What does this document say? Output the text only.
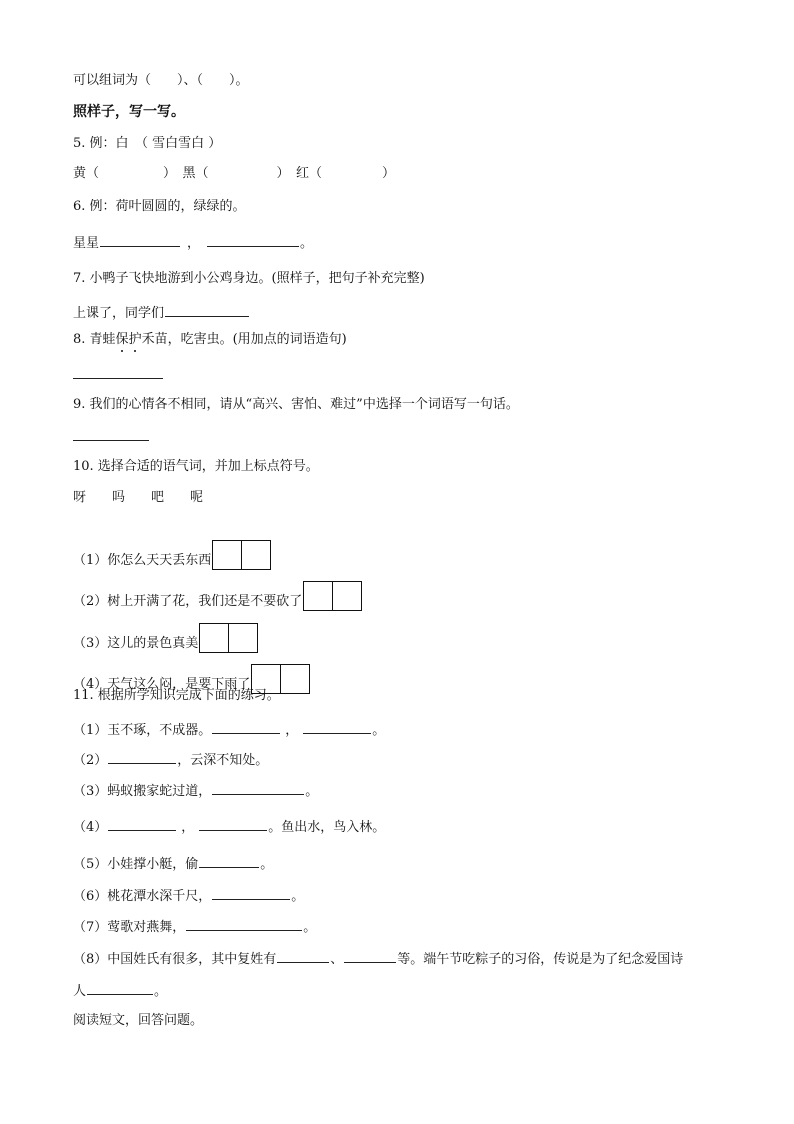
可以组词为（　　）、（　　）。
照样子，写一写。
5. 例：白　（ 雪白雪白 ）
黄（	）　黑（	）　红（	）
6. 例：荷叶圆圆的，绿绿的。
星星	，	。
7. 小鸭子飞快地游到小公鸡身边。(照样子，把句子补充完整)
上课了，同学们
8. 青蛙保护禾苗，吃害虫。(用加点的词语造句)
9. 我们的心情各不相同，请从“高兴、害怕、难过”中选择一个词语写一句话。
10. 选择合适的语气词，并加上标点符号。
呀 吗 吧 呢
（1）你怎么天天丢东西
（2）树上开满了花，我们还是不要砍了
（3）这儿的景色真美
（4）天气这么闷，是要下雨了
11. 根据所学知识完成下面的练习。
（1）玉不琢，不成器。	，	。
（2）	，云深不知处。
（3）蚂蚁搬家蛇过道，	。
（4）	，	。鱼出水，鸟入林。
（5）小娃撑小艇，偷	。
（6）桃花潭水深千尺，	。
（7）莺歌对燕舞，	。
（8）中国姓氏有很多，其中复姓有	、	等。端午节吃粽子的习俗，传说是为了纪念爱国诗
人	。
阅读短文，回答问题。
